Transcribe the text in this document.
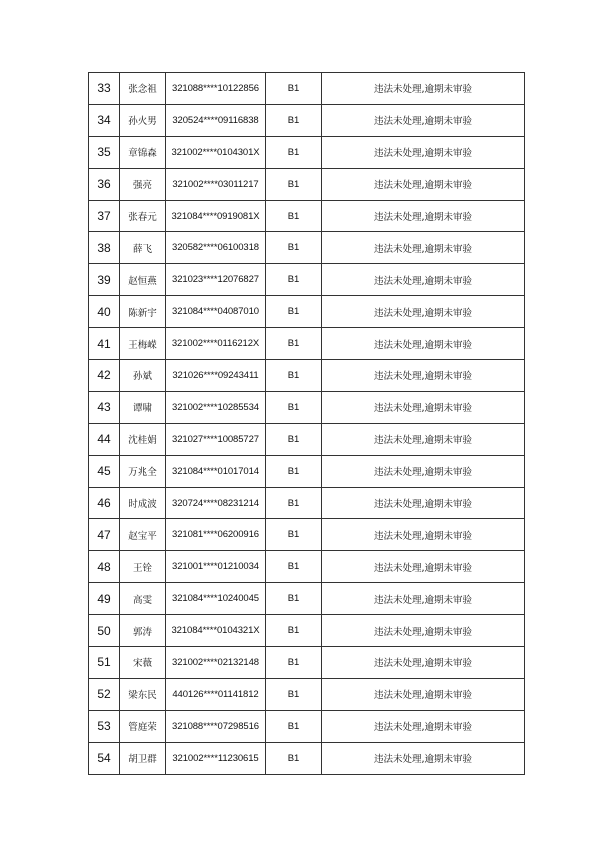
33	张念祖	321088****10122856	B1	违法未处理,逾期未审验
34	孙火男	320524****09116838	B1	违法未处理,逾期未审验
35	章锦森	321002****0104301X	B1	违法未处理,逾期未审验
36	强亮	321002****03011217	B1	违法未处理,逾期未审验
37	张春元	321084****0919081X	B1	违法未处理,逾期未审验
38	薛飞	320582****06100318	B1	违法未处理,逾期未审验
39	赵恒燕	321023****12076827	B1	违法未处理,逾期未审验
40	陈新宇	321084****04087010	B1	违法未处理,逾期未审验
41	王梅嵘	321002****0116212X	B1	违法未处理,逾期未审验
42	孙斌	321026****09243411	B1	违法未处理,逾期未审验
43	谭啸	321002****10285534	B1	违法未处理,逾期未审验
44	沈桂娟	321027****10085727	B1	违法未处理,逾期未审验
45	万兆全	321084****01017014	B1	违法未处理,逾期未审验
46	时成波	320724****08231214	B1	违法未处理,逾期未审验
47	赵宝平	321081****06200916	B1	违法未处理,逾期未审验
48	王铨	321001****01210034	B1	违法未处理,逾期未审验
49	高雯	321084****10240045	B1	违法未处理,逾期未审验
50	郭涛	321084****0104321X	B1	违法未处理,逾期未审验
51	宋薇	321002****02132148	B1	违法未处理,逾期未审验
52	梁东民	440126****01141812	B1	违法未处理,逾期未审验
53	管庭荣	321088****07298516	B1	违法未处理,逾期未审验
54	胡卫群	321002****11230615	B1	违法未处理,逾期未审验
